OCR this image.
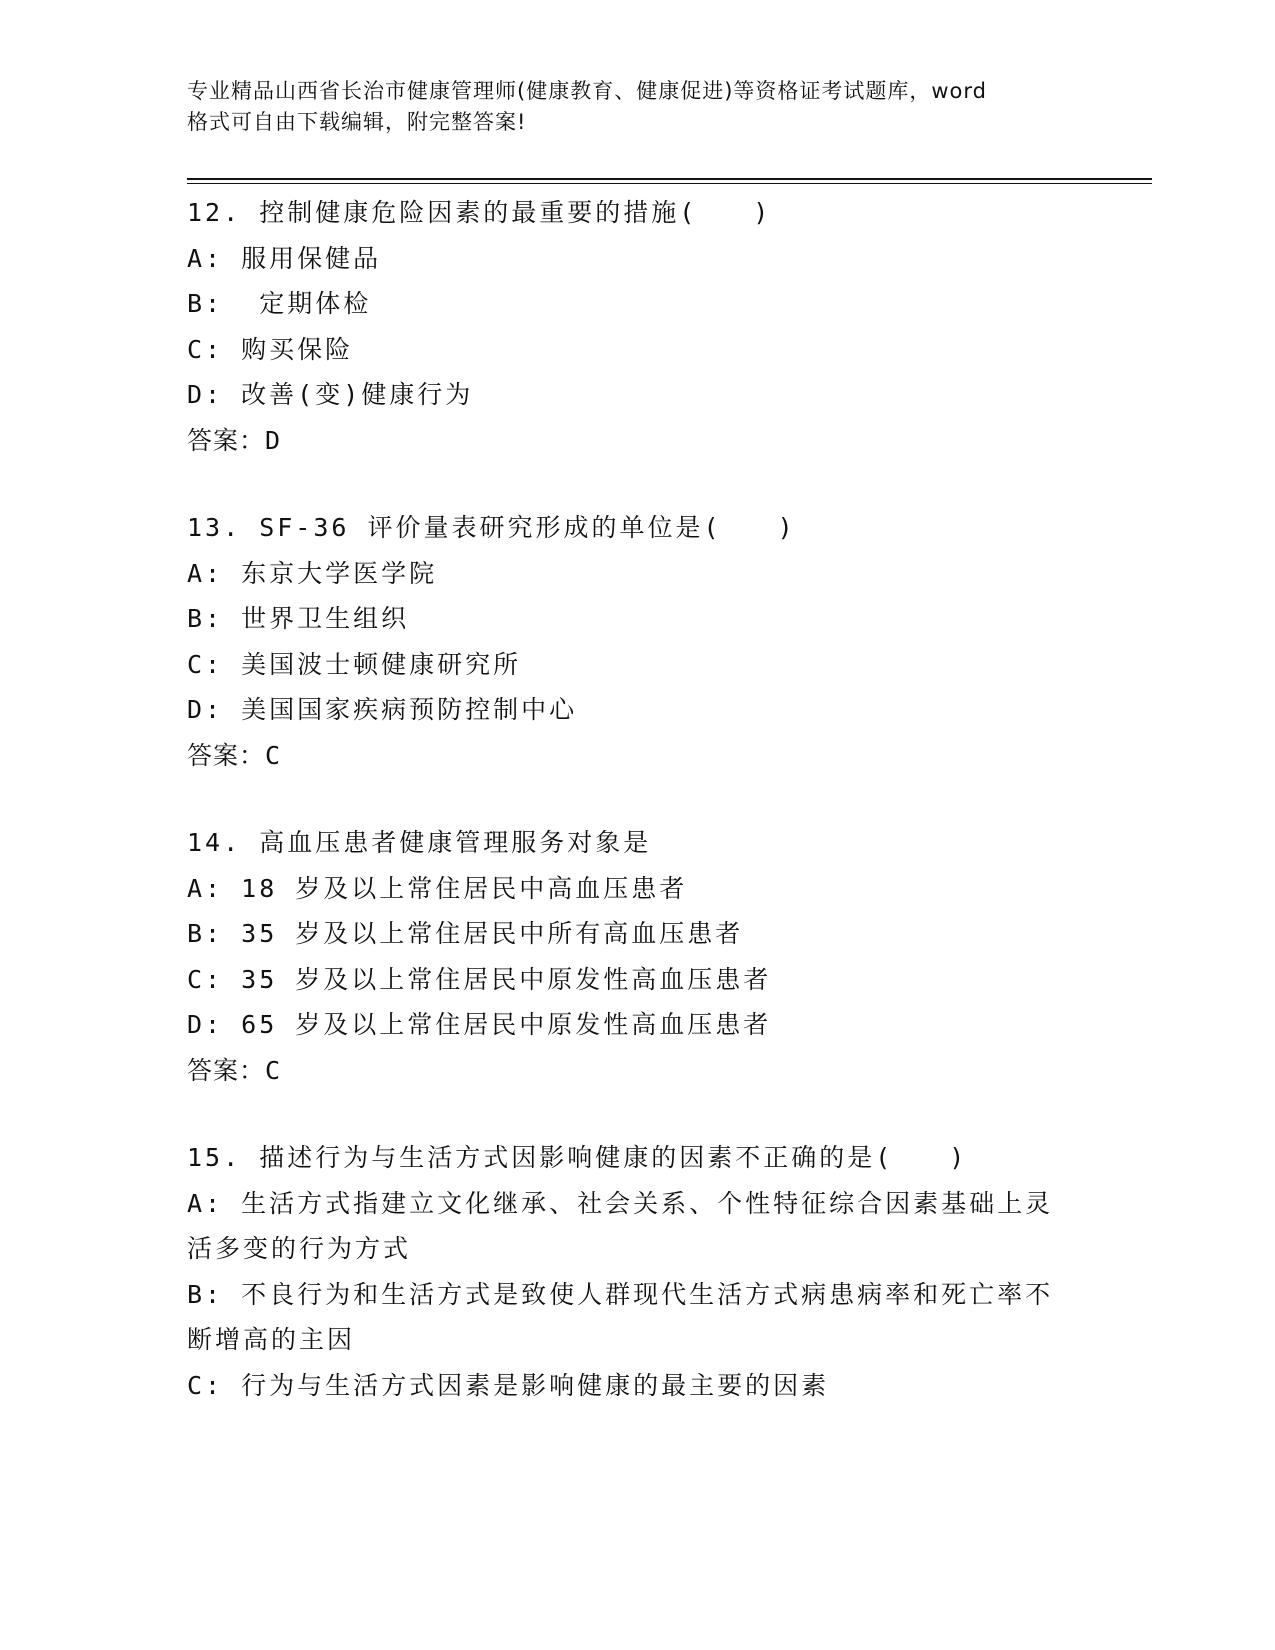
专业精品山西省长治市健康管理师(健康教育、健康促进)等资格证考试题库，word
格式可自由下载编辑，附完整答案!
12. 控制健康危险因素的最重要的措施(　　)
A: 服用保健品
B:  定期体检
C: 购买保险
D: 改善(变)健康行为
答案：D
13. SF-36 评价量表研究形成的单位是(　　)
A: 东京大学医学院
B: 世界卫生组织
C: 美国波士顿健康研究所
D: 美国国家疾病预防控制中心
答案：C
14. 高血压患者健康管理服务对象是
A: 18 岁及以上常住居民中高血压患者
B: 35 岁及以上常住居民中所有高血压患者
C: 35 岁及以上常住居民中原发性高血压患者
D: 65 岁及以上常住居民中原发性高血压患者
答案：C
15. 描述行为与生活方式因影响健康的因素不正确的是(　　)
A: 生活方式指建立文化继承、社会关系、个性特征综合因素基础上灵
活多变的行为方式
B: 不良行为和生活方式是致使人群现代生活方式病患病率和死亡率不
断增高的主因
C: 行为与生活方式因素是影响健康的最主要的因素
